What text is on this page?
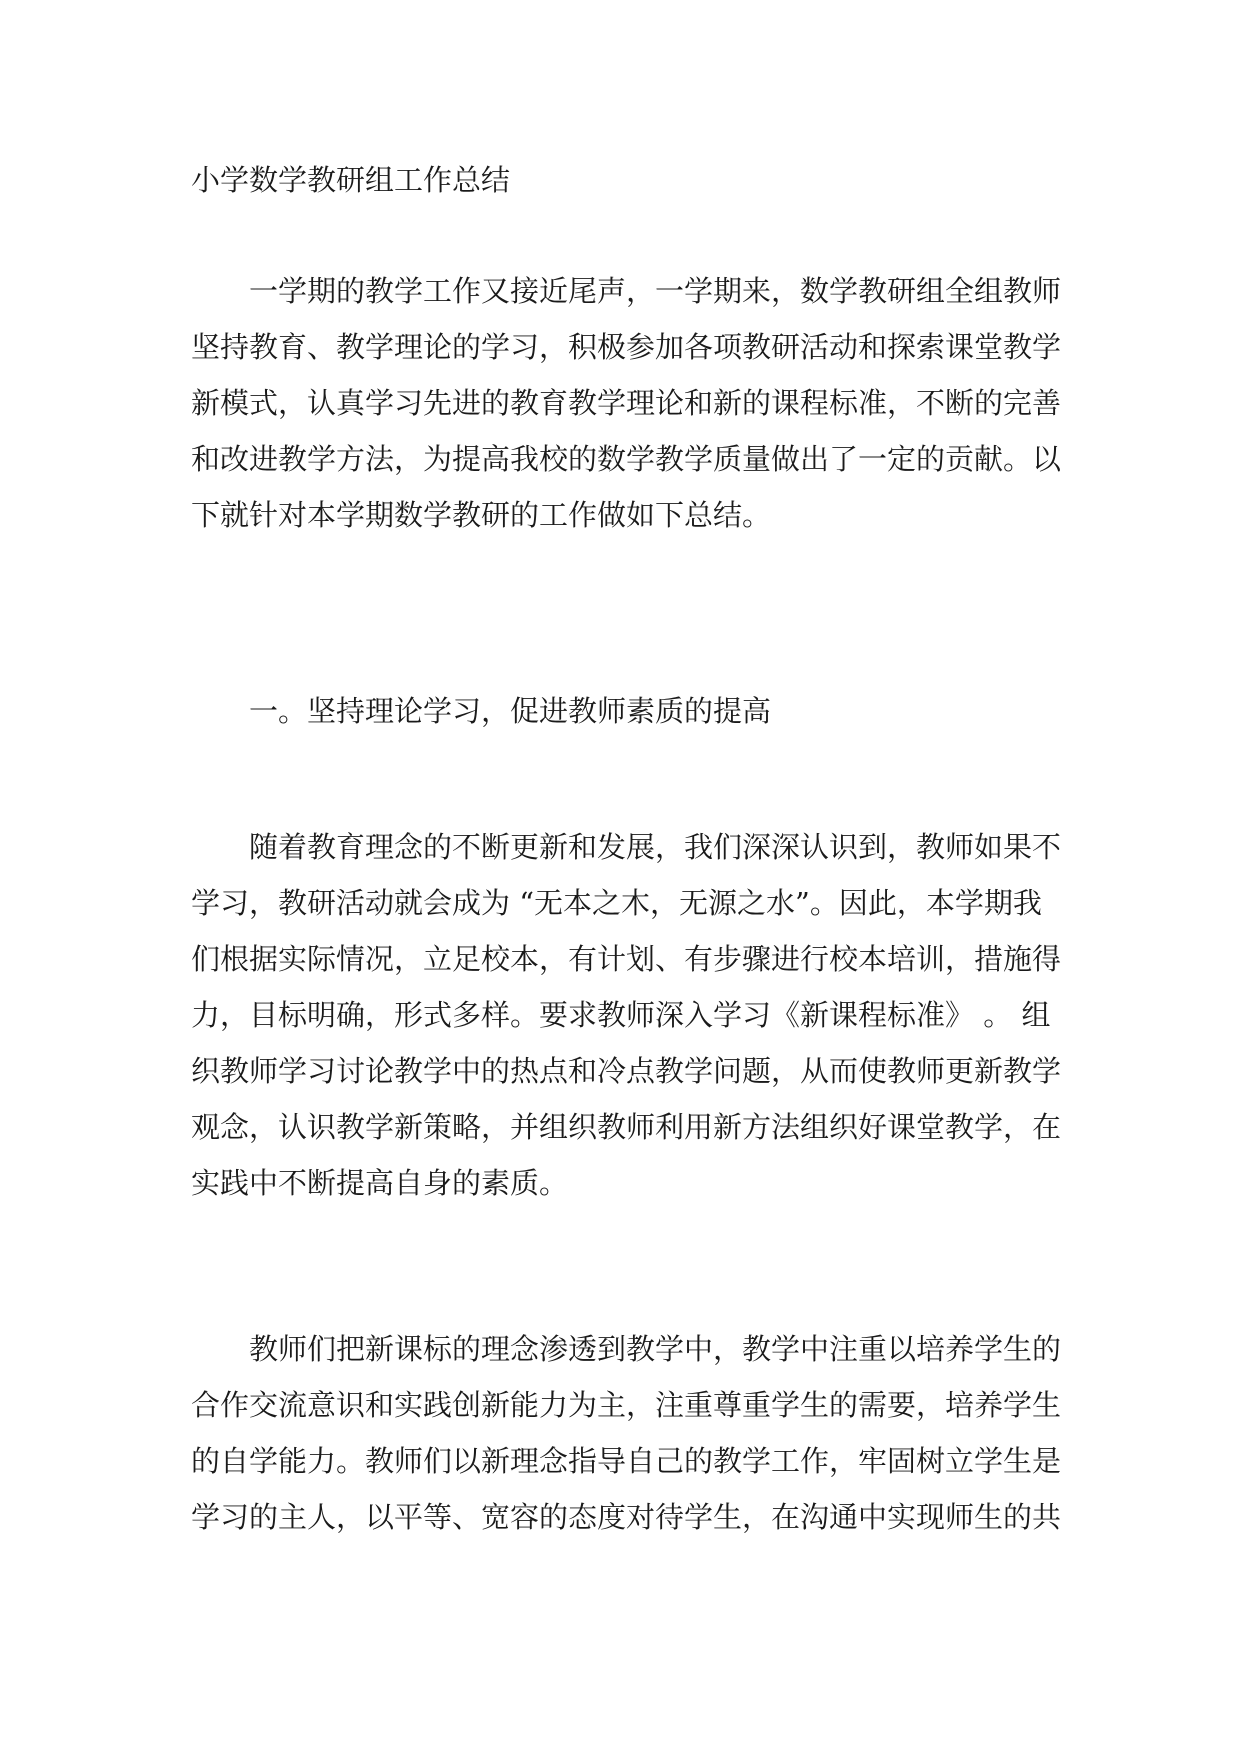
小学数学教研组工作总结
一学期的教学工作又接近尾声，一学期来，数学教研组全组教师
坚持教育、教学理论的学习，积极参加各项教研活动和探索课堂教学
新模式，认真学习先进的教育教学理论和新的课程标准，不断的完善
和改进教学方法，为提高我校的数学教学质量做出了一定的贡献。以
下就针对本学期数学教研的工作做如下总结。
一。坚持理论学习，促进教师素质的提高
随着教育理念的不断更新和发展，我们深深认识到，教师如果不
学习，教研活动就会成为 “无本之木，无源之水”。因此，本学期我
们根据实际情况，立足校本，有计划、有步骤进行校本培训，措施得
力，目标明确，形式多样。要求教师深入学习《新课程标准》 。 组
织教师学习讨论教学中的热点和冷点教学问题，从而使教师更新教学
观念，认识教学新策略，并组织教师利用新方法组织好课堂教学，在
实践中不断提高自身的素质。
教师们把新课标的理念渗透到教学中，教学中注重以培养学生的
合作交流意识和实践创新能力为主，注重尊重学生的需要，培养学生
的自学能力。教师们以新理念指导自己的教学工作，牢固树立学生是
学习的主人，以平等、宽容的态度对待学生，在沟通中实现师生的共
